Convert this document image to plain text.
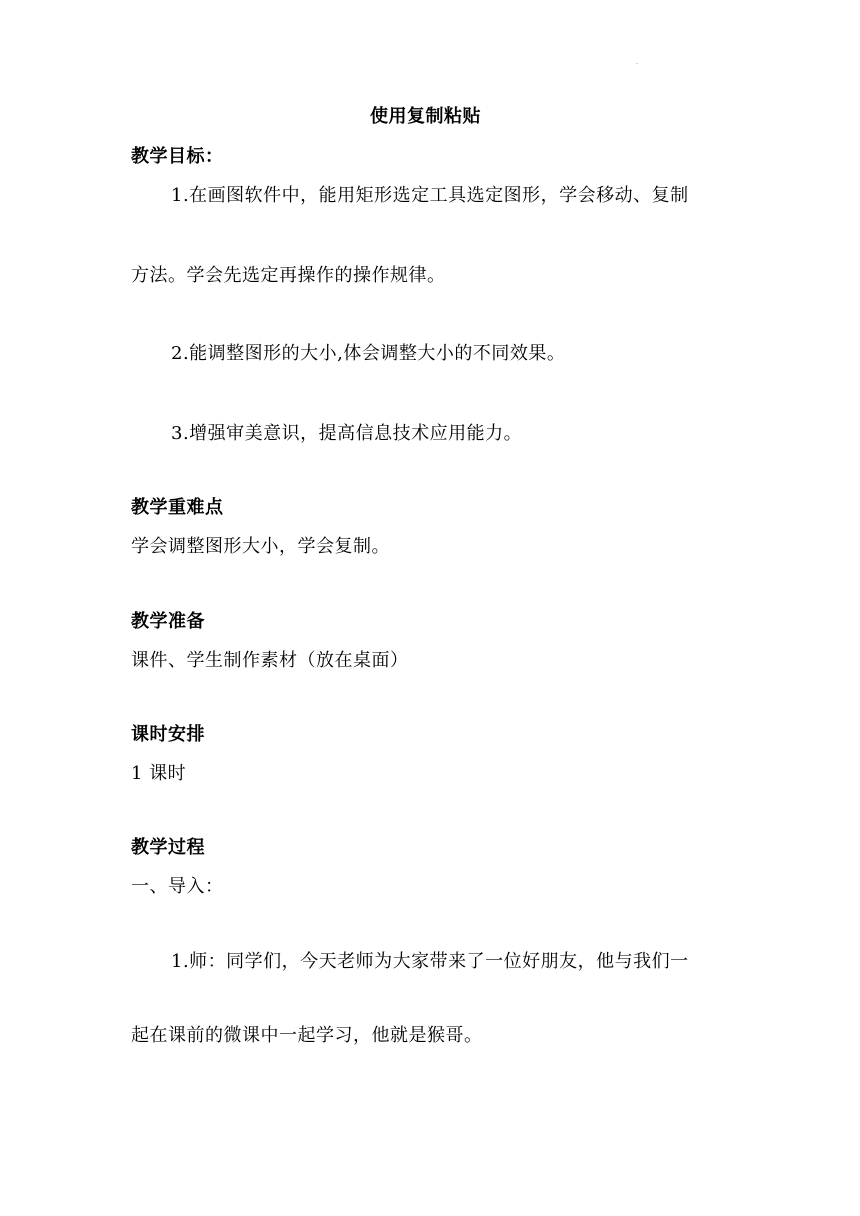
.
使用复制粘贴
教学目标：
1.在画图软件中，能用矩形选定工具选定图形，学会移动、复制
方法。学会先选定再操作的操作规律。
2.能调整图形的大小,体会调整大小的不同效果。
3.增强审美意识，提高信息技术应用能力。
教学重难点
学会调整图形大小，学会复制。
教学准备
课件、学生制作素材（放在桌面）
课时安排
1 课时
教学过程
一、导入：
1.师：同学们，今天老师为大家带来了一位好朋友，他与我们一
起在课前的微课中一起学习，他就是猴哥。
